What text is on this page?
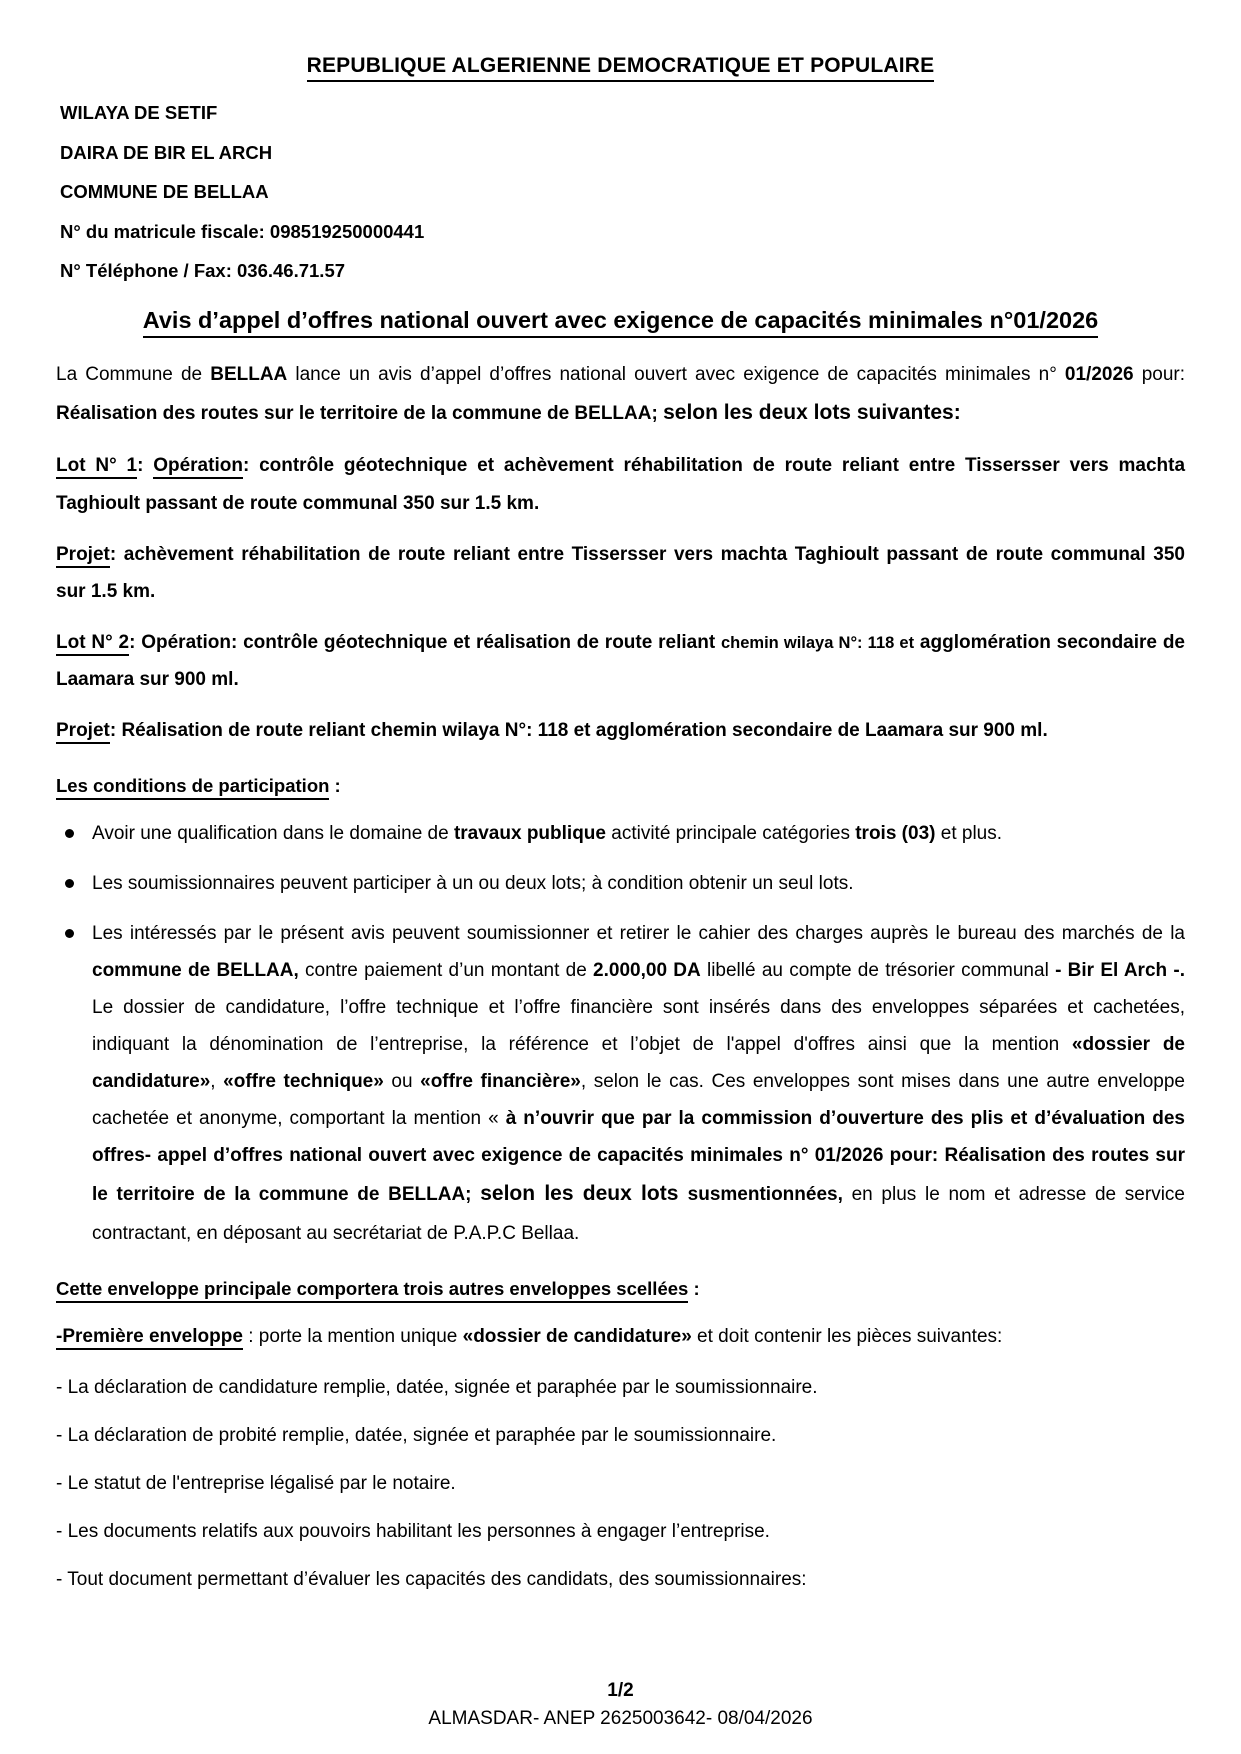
REPUBLIQUE ALGERIENNE DEMOCRATIQUE ET POPULAIRE
WILAYA DE SETIF
DAIRA DE BIR EL ARCH
COMMUNE DE BELLAA
N° du matricule fiscale: 098519250000441
N° Téléphone / Fax: 036.46.71.57
Avis d’appel d’offres national ouvert avec exigence de capacités minimales n°01/2026

La Commune de BELLAA lance un avis d’appel d’offres national ouvert avec exigence de capacités minimales n° 01/2026 pour: Réalisation des routes sur le territoire de la commune de BELLAA; selon les deux lots suivantes:

Lot N° 1: Opération: contrôle géotechnique et achèvement réhabilitation de route reliant entre Tissersser vers machta Taghioult passant de route communal 350 sur 1.5 km.

Projet: achèvement réhabilitation de route reliant entre Tissersser vers machta Taghioult passant de route communal 350 sur 1.5 km.

Lot N° 2: Opération: contrôle géotechnique et réalisation de route reliant chemin wilaya N°: 118 et agglomération secondaire de Laamara sur 900 ml.

Projet: Réalisation de route reliant chemin wilaya N°: 118 et agglomération secondaire de Laamara sur 900 ml.

Les conditions de participation :
Avoir une qualification dans le domaine de travaux publique activité principale catégories trois (03) et plus.
Les soumissionnaires peuvent participer à un ou deux lots; à condition obtenir un seul lots.
Les intéressés par le présent avis peuvent soumissionner et retirer le cahier des charges auprès le bureau des marchés de la commune de BELLAA, contre paiement d’un montant de 2.000,00 DA libellé au compte de trésorier communal - Bir El Arch -. Le dossier de candidature, l’offre technique et l’offre financière sont insérés dans des enveloppes séparées et cachetées, indiquant la dénomination de l’entreprise, la référence et l’objet de l'appel d'offres ainsi que la mention «dossier de candidature», «offre technique» ou «offre financière», selon le cas. Ces enveloppes sont mises dans une autre enveloppe cachetée et anonyme, comportant la mention « à n’ouvrir que par la commission d’ouverture des plis et d’évaluation des offres- appel d’offres national ouvert avec exigence de capacités minimales n° 01/2026 pour: Réalisation des routes sur le territoire de la commune de BELLAA; selon les deux lots susmentionnées, en plus le nom et adresse de service contractant, en déposant au secrétariat de P.A.P.C Bellaa.
Cette enveloppe principale comportera trois autres enveloppes scellées :

-Première enveloppe : porte la mention unique «dossier de candidature» et doit contenir les pièces suivantes:

- La déclaration de candidature remplie, datée, signée et paraphée par le soumissionnaire.
- La déclaration de probité remplie, datée, signée et paraphée par le soumissionnaire.
- Le statut de l'entreprise légalisé par le notaire.
- Les documents relatifs aux pouvoirs habilitant les personnes à engager l’entreprise.
- Tout document permettant d’évaluer les capacités des candidats, des soumissionnaires:
1/2
ALMASDAR- ANEP 2625003642- 08/04/2026
